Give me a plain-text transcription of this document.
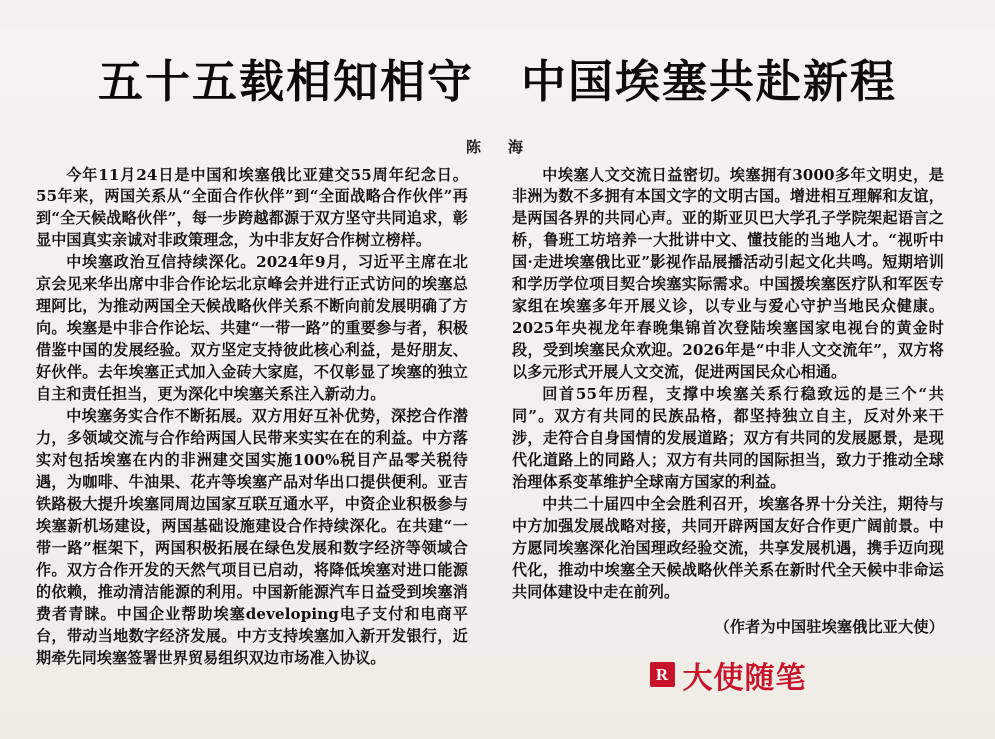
五十五载相知相守　中国埃塞共赴新程
陈　海

今年11月24日是中国和埃塞俄比亚建交55周年纪念日。55年来，两国关系从“全面合作伙伴”到“全面战略合作伙伴”再到“全天候战略伙伴”，每一步跨越都源于双方坚守共同追求，彰显中国真实亲诚对非政策理念，为中非友好合作树立榜样。

中埃塞政治互信持续深化。2024年9月，习近平主席在北京会见来华出席中非合作论坛北京峰会并进行正式访问的埃塞总理阿比，为推动两国全天候战略伙伴关系不断向前发展明确了方向。埃塞是中非合作论坛、共建“一带一路”的重要参与者，积极借鉴中国的发展经验。双方坚定支持彼此核心利益，是好朋友、好伙伴。去年埃塞正式加入金砖大家庭，不仅彰显了埃塞的独立自主和责任担当，更为深化中埃塞关系注入新动力。

中埃塞务实合作不断拓展。双方用好互补优势，深挖合作潜力，多领域交流与合作给两国人民带来实实在在的利益。中方落实对包括埃塞在内的非洲建交国实施100%税目产品零关税待遇，为咖啡、牛油果、花卉等埃塞产品对华出口提供便利。亚吉铁路极大提升埃塞同周边国家互联互通水平，中资企业积极参与埃塞新机场建设，两国基础设施建设合作持续深化。在共建“一带一路”框架下，两国积极拓展在绿色发展和数字经济等领域合作。双方合作开发的天然气项目已启动，将降低埃塞对进口能源的依赖，推动清洁能源的利用。中国新能源汽车日益受到埃塞消费者青睐。中国企业帮助埃塞developing电子支付和电商平台，带动当地数字经济发展。中方支持埃塞加入新开发银行，近期牵先同埃塞签署世界贸易组织双边市场准入协议。

中埃塞人文交流日益密切。埃塞拥有3000多年文明史，是非洲为数不多拥有本国文字的文明古国。增进相互理解和友谊，是两国各界的共同心声。亚的斯亚贝巴大学孔子学院架起语言之桥，鲁班工坊培养一大批讲中文、懂技能的当地人才。“视听中国·走进埃塞俄比亚”影视作品展播活动引起文化共鸣。短期培训和学历学位项目契合埃塞实际需求。中国援埃塞医疗队和军医专家组在埃塞多年开展义诊，以专业与爱心守护当地民众健康。2025年央视龙年春晚集锦首次登陆埃塞国家电视台的黄金时段，受到埃塞民众欢迎。2026年是“中非人文交流年”，双方将以多元形式开展人文交流，促进两国民众心相通。

回首55年历程，支撑中埃塞关系行稳致远的是三个“共同”。双方有共同的民族品格，都坚持独立自主，反对外来干涉，走符合自身国情的发展道路；双方有共同的发展愿景，是现代化道路上的同路人；双方有共同的国际担当，致力于推动全球治理体系变革维护全球南方国家的利益。

中共二十届四中全会胜利召开，埃塞各界十分关注，期待与中方加强发展战略对接，共同开辟两国友好合作更广阔前景。中方愿同埃塞深化治国理政经验交流，共享发展机遇，携手迈向现代化，推动中埃塞全天候战略伙伴关系在新时代全天候中非命运共同体建设中走在前列。

（作者为中国驻埃塞俄比亚大使）
R 大使随笔
